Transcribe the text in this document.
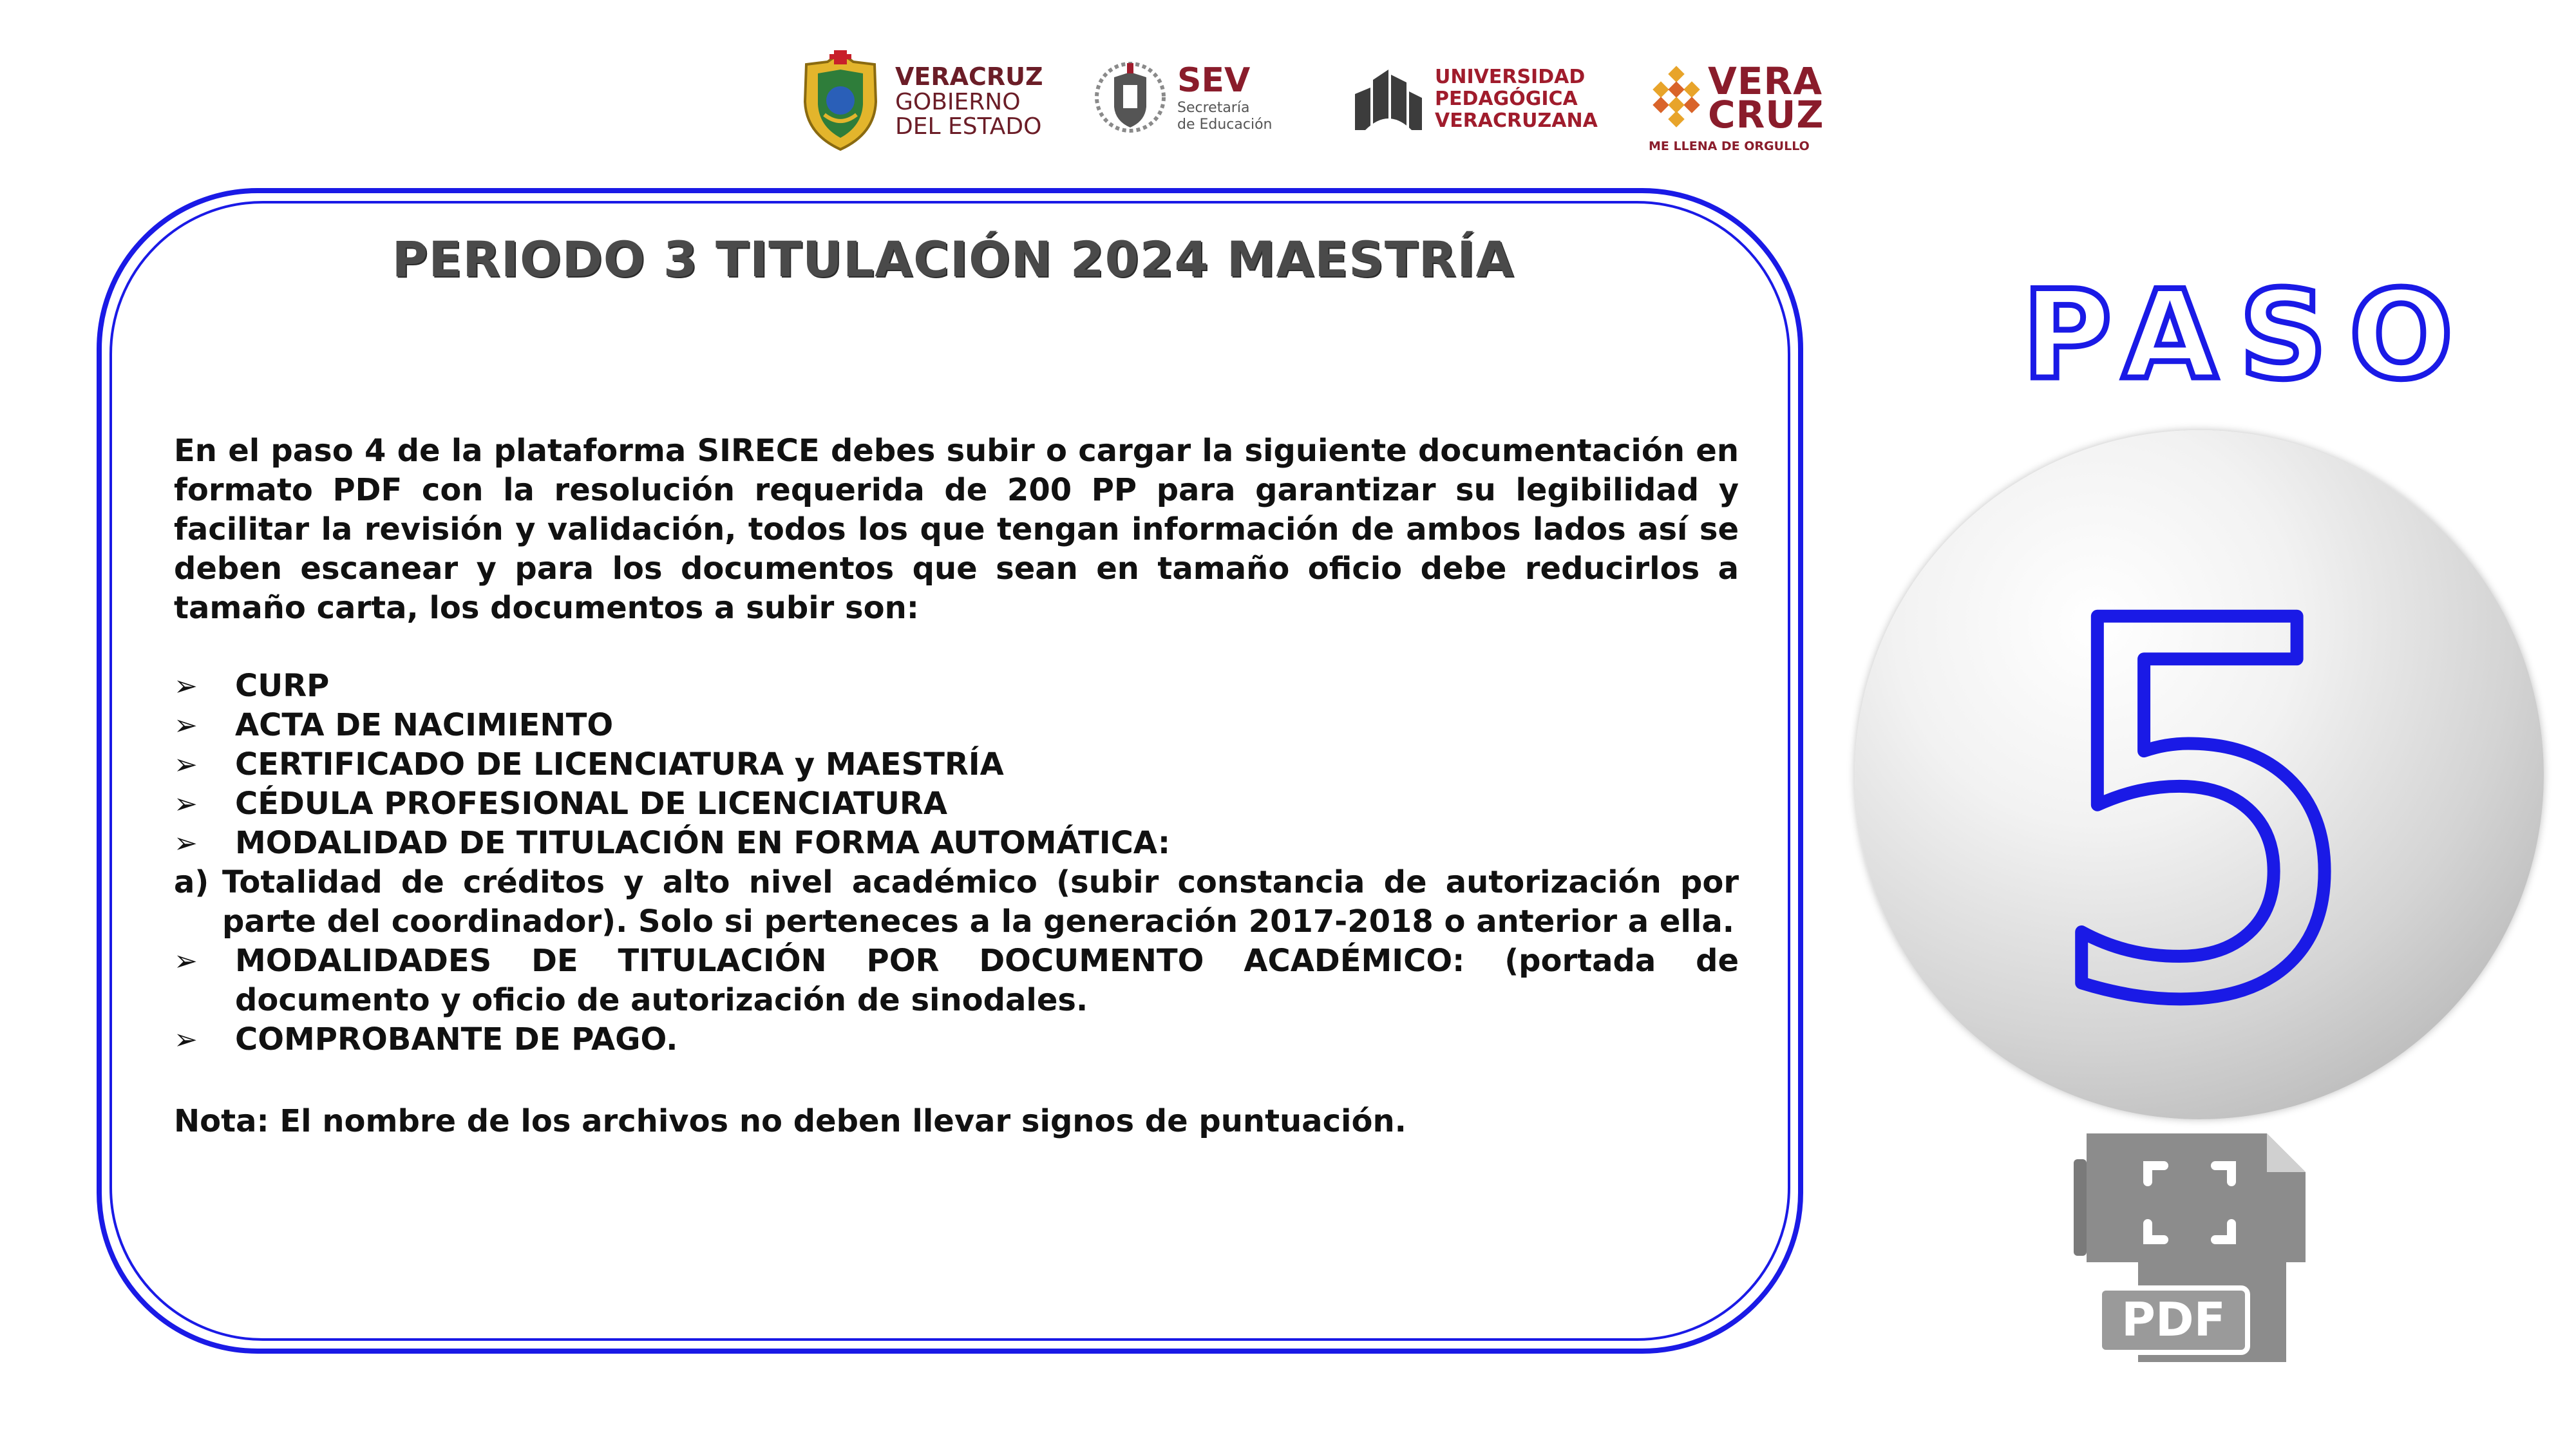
VERACRUZ
GOBIERNO
DEL ESTADO
SEV
Secretaría
de Educación
UNIVERSIDAD
PEDAGÓGICA
VERACRUZANA
VERA
CRUZ
ME LLENA DE ORGULLO
PERIODO 3 TITULACIÓN 2024 MAESTRÍA

En el paso 4 de la plataforma SIRECE debes subir o cargar la siguiente documentación en formato PDF con la resolución requerida de 200 PP para garantizar su legibilidad y facilitar la revisión y validación, todos los que tengan información de ambos lados así se deben escanear y para los documentos que sean en tamaño oficio debe reducirlos a tamaño carta, los documentos a subir son:

➢ CURP
➢ ACTA DE NACIMIENTO
➢ CERTIFICADO DE LICENCIATURA y MAESTRÍA
➢ CÉDULA PROFESIONAL DE LICENCIATURA
➢ MODALIDAD DE TITULACIÓN EN FORMA AUTOMÁTICA:
a) Totalidad de créditos y alto nivel académico (subir constancia de autorización por parte del coordinador). Solo si perteneces a la generación 2017-2018 o anterior a ella.
➢ MODALIDADES DE TITULACIÓN POR DOCUMENTO ACADÉMICO: (portada de documento y oficio de autorización de sinodales.
➢ COMPROBANTE DE PAGO.

Nota: El nombre de los archivos no deben llevar signos de puntuación.

PASO
5
PDF
